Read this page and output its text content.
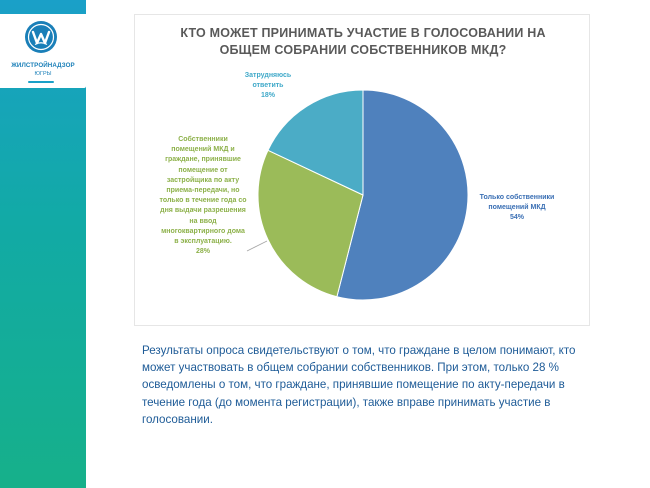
ЖИЛСТРОЙНАДЗОР
ЮГРЫ
КТО МОЖЕТ ПРИНИМАТЬ УЧАСТИЕ В ГОЛОСОВАНИИ НА
ОБЩЕМ СОБРАНИИ СОБСТВЕННИКОВ МКД?
Затрудняюсь
ответить
18%
Собственники
помещений МКД и
граждане, принявшие
помещение от
застройщика по акту
приема-передачи, но
только в течение года со
дня выдачи разрешения
на ввод
многоквартирного дома
в эксплуатацию.
28%
Только собственники
помещений МКД
54%

Результаты опроса свидетельствуют о том, что граждане в целом понимают, кто может участвовать в общем собрании собственников. При этом, только 28 % осведомлены о том, что граждане, принявшие помещение по акту-передачи в течение года (до момента регистрации), также вправе принимать участие в голосовании.
